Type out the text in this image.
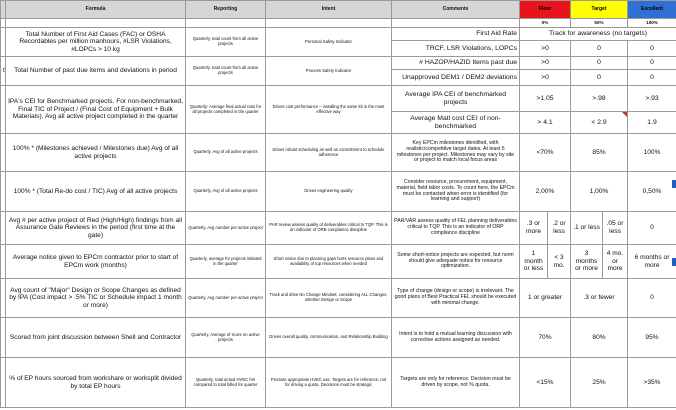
	Formula	Reporting	Intent	Comments	Floor		Target		Excellent
					0%		50%		100%
	Total Number of First Aid Cases (FAC) or OSHA Recordables per million manhours, #LSR Violations, #LOPCs > 10 kg	Quarterly, total count from all active projects	Personal Safety Indicator	First Aid Rate	Track for awareness (no targets)				
				TRCF, LSR Violations, LOPCs	>0		0		0
t	Total Number of past due items and deviations in period	Quarterly, total count from all active projects	Process Safety Indicator	# HAZOP/HAZID Items past due	>0		0		0
				Unapproved DEM1 / DEM2 deviations	>0		0		0
	IPA's CEI for Benchmarked projects. For non-benchmarked, Final TIC of Project / (Final Cost of Equipment + Bulk Materials). Avg all active project completed in the quarter	Quarterly: Average final actual ratio for all projects completed in the quarter	Drives cost performance – installing the same kit in the most effective way	Average IPA CEI of benchmarked projects	>1.05		>.98		>.93
				Average Matl cost CEI of non-benchmarked	> 4.1		< 2.9		1.9
	100% * (Milestones achieved / Milestones due) Avg of all active projects	Quarterly, Avg of all active projects	Drives robust scheduling as well as commitment to schedule adherence	Key EPCm milestones identified, with realistic/competitive target dates. At least 5 milestones per project. Milestones may vary by site or project to match local focus areas	<70%		85%		100%
	100% * (Total Re-do cost / TIC) Avg of all active projects	Quarterly, Avg of all active projects	Drives engineering quality	Consider resource, procurement, equipment, material, field labor costs. To count here, the EPCm must be contacted when error is identified (for learning and support)	2,00%		1,00%		0,50%
	Avg # per active project of Red (High/High) findings from all Assurance Gate Reviews in the period (first time at the gate)	Quarterly, Avg number per active project	PAR review assess quality of deliverables critical to TQP. This is an indicator of ORB compliance discipline	PAR/VAR assess quality of FEL planning deliverables critical to TQP. This is an indicator of ORP compliance discipline	.3 or more	.2 or less	.1 or less	.05 or less	0
	Average notice given to EPCm contractor prior to start of EPCm work (months)	Quarterly, average for projects initiated in the quarter	Short notice due to planning gaps hurts resource plans and availability of top resources when needed	Some short-notice projects are expected, but norm should give adequate notice for resource optimization.	1 month or less	< 3 mo.	3 months or more	4 mo. or more	6 months or more
	Avg count of "Major" Design or Scope Changes as defined by IPA (Cost impact > .5% TIC or Schedule impact 1 month or more)	Quarterly, Avg number per active project	Track and drive No Change Mindset, considering ALL Changes, whether Design or Scope	Type of change (design or scope) is irrelevant. The good plans of Best Practical FEL should be executed with minimal change.	1 or greater		.3 or fewer		0
	Scored from joint discussion between Shell and Contractor	Quarterly, Average of score on active projects	Drives overall quality, communication, and Relationship Building	Intent is to hold a mutual learning discussion with corrective actions assigned as needed.	70%		80%		95%
	% of EP hours sourced from workshare or worksplit divided by total EP hours	Quarterly, total actual HVEC hrs compared to total billed for quarter	Promote appropriate HVEC use. Targets are for reference, not for driving a quota. Decisions must be strategic	Targets are only for reference. Decision must be driven by scope, not % quota.	<15%		25%		>35%
